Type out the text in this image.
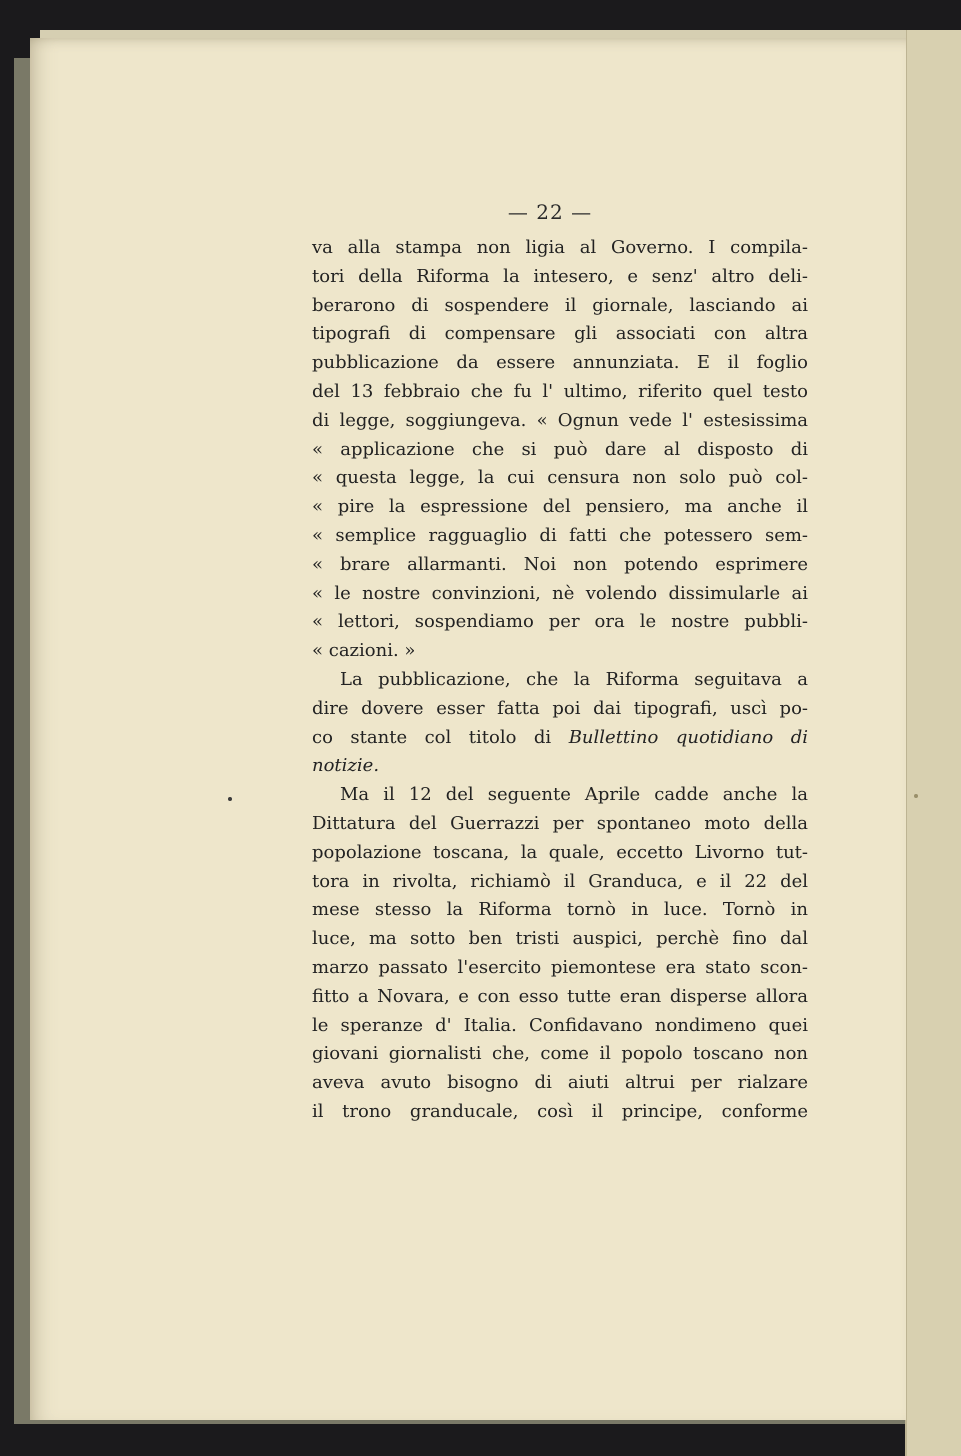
— 22 —
va alla stampa non ligia al Governo. I compila-
tori della Riforma la intesero, e senz' altro deli-
berarono di sospendere il giornale, lasciando ai
tipografi di compensare gli associati con altra
pubblicazione da essere annunziata. E il foglio
del 13 febbraio che fu l' ultimo, riferito quel testo
di legge, soggiungeva. « Ognun vede l' estesissima
« applicazione che si può dare al disposto di
« questa legge, la cui censura non solo può col-
« pire la espressione del pensiero, ma anche il
« semplice ragguaglio di fatti che potessero sem-
« brare allarmanti. Noi non potendo esprimere
« le nostre convinzioni, nè volendo dissimularle ai
« lettori, sospendiamo per ora le nostre pubbli-
« cazioni. »
La pubblicazione, che la Riforma seguitava a
dire dovere esser fatta poi dai tipografi, uscì po-
co stante col titolo di Bullettino quotidiano di
notizie.
Ma il 12 del seguente Aprile cadde anche la
Dittatura del Guerrazzi per spontaneo moto della
popolazione toscana, la quale, eccetto Livorno tut-
tora in rivolta, richiamò il Granduca, e il 22 del
mese stesso la Riforma tornò in luce. Tornò in
luce, ma sotto ben tristi auspici, perchè fino dal
marzo passato l'esercito piemontese era stato scon-
fitto a Novara, e con esso tutte eran disperse allora
le speranze d' Italia. Confidavano nondimeno quei
giovani giornalisti che, come il popolo toscano non
aveva avuto bisogno di aiuti altrui per rialzare
il trono granducale, così il principe, conforme
